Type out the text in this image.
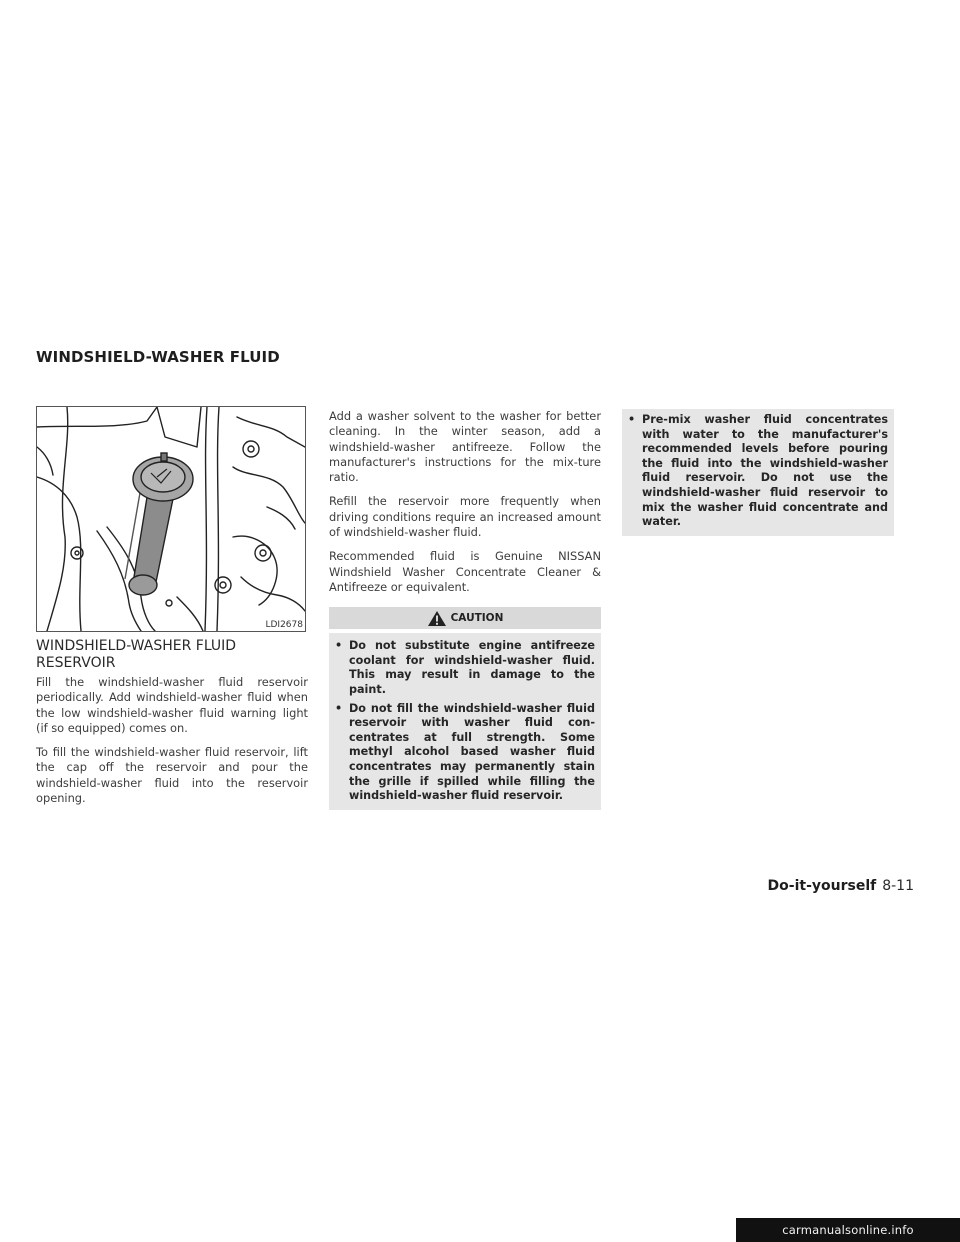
WINDSHIELD-WASHER FLUID
LDI2678
WINDSHIELD-WASHER FLUID RESERVOIR

Fill the windshield-washer fluid reservoir periodically. Add windshield-washer fluid when the low windshield-washer fluid warning light (if so equipped) comes on.

To fill the windshield-washer fluid reservoir, lift the cap off the reservoir and pour the windshield-washer fluid into the reservoir opening.

Add a washer solvent to the washer for better cleaning. In the winter season, add a windshield-washer antifreeze. Follow the manufacturer's instructions for the mix-ture ratio.

Refill the reservoir more frequently when driving conditions require an increased amount of windshield-washer fluid.

Recommended fluid is Genuine NISSAN Windshield Washer Concentrate Cleaner & Antifreeze or equivalent.

CAUTION
• Do not substitute engine antifreeze coolant for windshield-washer fluid. This may result in damage to the paint.
• Do not fill the windshield-washer fluid reservoir with washer fluid con-centrates at full strength. Some methyl alcohol based washer fluid concentrates may permanently stain the grille if spilled while filling the windshield-washer fluid reservoir.
• Pre-mix washer fluid concentrates with water to the manufacturer's recommended levels before pouring the fluid into the windshield-washer fluid reservoir. Do not use the windshield-washer fluid reservoir to mix the washer fluid concentrate and water.
Do-it-yourself 8-11
carmanualsonline.info
